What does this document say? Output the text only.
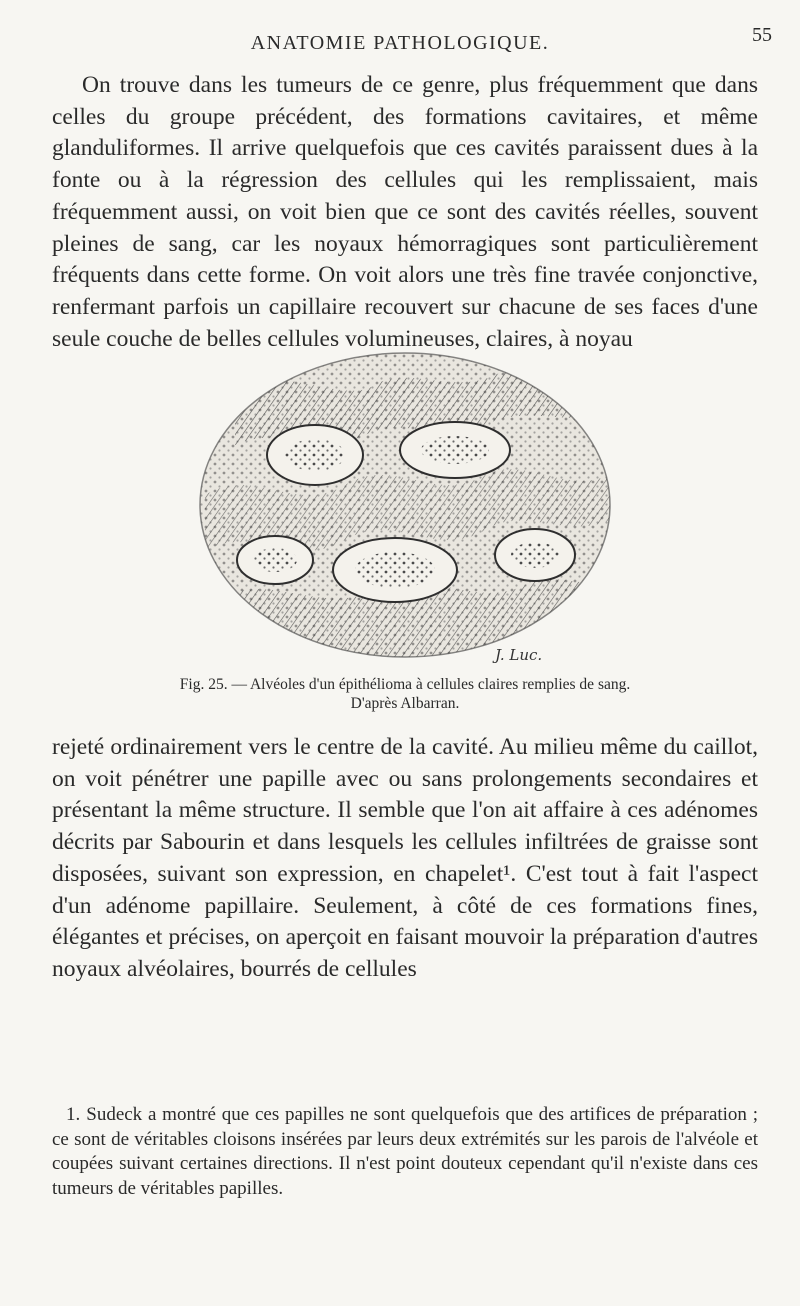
ANATOMIE PATHOLOGIQUE.	55

On trouve dans les tumeurs de ce genre, plus fréquemment que dans celles du groupe précédent, des formations cavitaires, et même glanduliformes. Il arrive quelquefois que ces cavités paraissent dues à la fonte ou à la régression des cellules qui les remplissaient, mais fréquemment aussi, on voit bien que ce sont des cavités réelles, souvent pleines de sang, car les noyaux hémorragiques sont particulièrement fréquents dans cette forme. On voit alors une très fine travée conjonctive, renfermant parfois un capillaire recouvert sur chacune de ses faces d'une seule couche de belles cellules volumineuses, claires, à noyau

J. Luc.
Fig. 25. — Alvéoles d'un épithélioma à cellules claires remplies de sang.
D'après Albarran.

rejeté ordinairement vers le centre de la cavité. Au milieu même du caillot, on voit pénétrer une papille avec ou sans prolongements secondaires et présentant la même structure. Il semble que l'on ait affaire à ces adénomes décrits par Sabourin et dans lesquels les cellules infiltrées de graisse sont disposées, suivant son expression, en chapelet¹. C'est tout à fait l'aspect d'un adénome papillaire. Seulement, à côté de ces formations fines, élégantes et précises, on aperçoit en faisant mouvoir la préparation d'autres noyaux alvéolaires, bourrés de cellules

1. Sudeck a montré que ces papilles ne sont quelquefois que des artifices de préparation ; ce sont de véritables cloisons insérées par leurs deux extrémités sur les parois de l'alvéole et coupées suivant certaines directions. Il n'est point douteux cependant qu'il n'existe dans ces tumeurs de véritables papilles.
